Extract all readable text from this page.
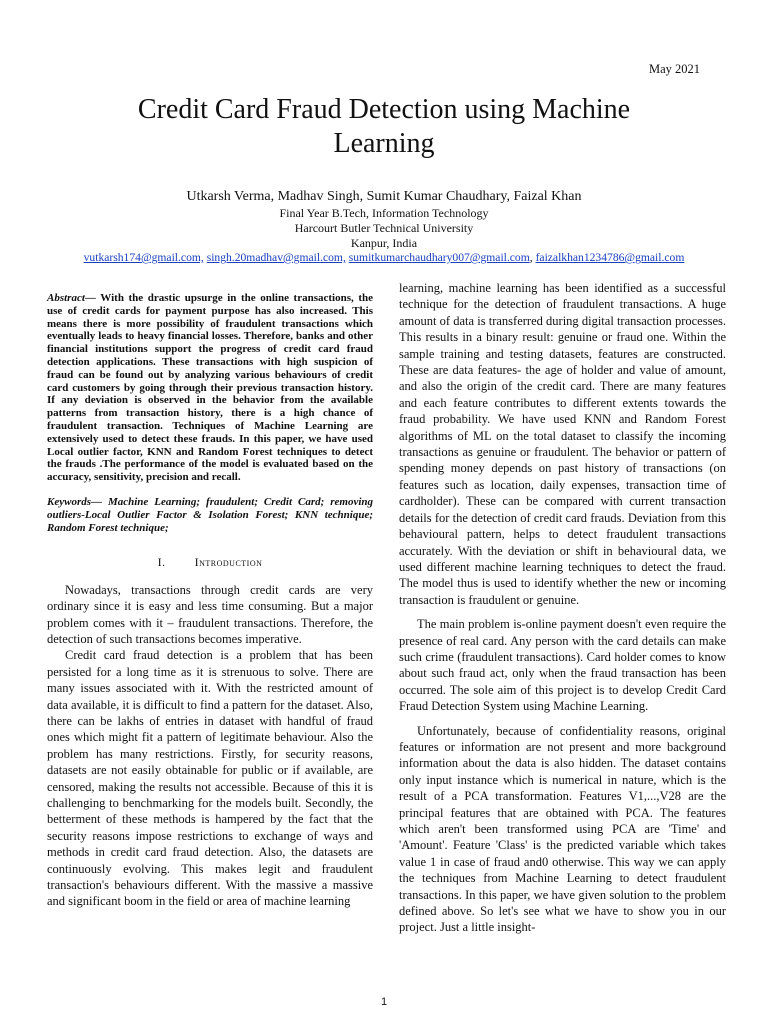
May 2021
Credit Card Fraud Detection using Machine Learning
Utkarsh Verma, Madhav Singh, Sumit Kumar Chaudhary, Faizal Khan
Final Year B.Tech, Information Technology
Harcourt Butler Technical University
Kanpur, India
vutkarsh174@gmail.com, singh.20madhav@gmail.com, sumitkumarchaudhary007@gmail.com, faizalkhan1234786@gmail.com

Abstract— With the drastic upsurge in the online transactions, the use of credit cards for payment purpose has also increased. This means there is more possibility of fraudulent transactions which eventually leads to heavy financial losses. Therefore, banks and other financial institutions support the progress of credit card fraud detection applications. These transactions with high suspicion of fraud can be found out by analyzing various behaviours of credit card customers by going through their previous transaction history. If any deviation is observed in the behavior from the available patterns from transaction history, there is a high chance of fraudulent transaction. Techniques of Machine Learning are extensively used to detect these frauds. In this paper, we have used Local outlier factor, KNN and Random Forest techniques to detect the frauds .The performance of the model is evaluated based on the accuracy, sensitivity, precision and recall.

Keywords— Machine Learning; fraudulent; Credit Card; removing outliers-Local Outlier Factor & Isolation Forest; KNN technique; Random Forest technique;

I. Introduction

Nowadays, transactions through credit cards are very ordinary since it is easy and less time consuming. But a major problem comes with it – fraudulent transactions. Therefore, the detection of such transactions becomes imperative.

Credit card fraud detection is a problem that has been persisted for a long time as it is strenuous to solve. There are many issues associated with it. With the restricted amount of data available, it is difficult to find a pattern for the dataset. Also, there can be lakhs of entries in dataset with handful of fraud ones which might fit a pattern of legitimate behaviour. Also the problem has many restrictions. Firstly, for security reasons, datasets are not easily obtainable for public or if available, are censored, making the results not accessible. Because of this it is challenging to benchmarking for the models built. Secondly, the betterment of these methods is hampered by the fact that the security reasons impose restrictions to exchange of ways and methods in credit card fraud detection. Also, the datasets are continuously evolving. This makes legit and fraudulent transaction's behaviours different. With the massive a massive and significant boom in the field or area of machine learning

learning, machine learning has been identified as a successful technique for the detection of fraudulent transactions. A huge amount of data is transferred during digital transaction processes. This results in a binary result: genuine or fraud one. Within the sample training and testing datasets, features are constructed. These are data features- the age of holder and value of amount, and also the origin of the credit card. There are many features and each feature contributes to different extents towards the fraud probability. We have used KNN and Random Forest algorithms of ML on the total dataset to classify the incoming transactions as genuine or fraudulent. The behavior or pattern of spending money depends on past history of transactions (on features such as location, daily expenses, transaction time of cardholder). These can be compared with current transaction details for the detection of credit card frauds. Deviation from this behavioural pattern, helps to detect fraudulent transactions accurately. With the deviation or shift in behavioural data, we used different machine learning techniques to detect the fraud. The model thus is used to identify whether the new or incoming transaction is fraudulent or genuine.

The main problem is-online payment doesn't even require the presence of real card. Any person with the card details can make such crime (fraudulent transactions). Card holder comes to know about such fraud act, only when the fraud transaction has been occurred. The sole aim of this project is to develop Credit Card Fraud Detection System using Machine Learning.

Unfortunately, because of confidentiality reasons, original features or information are not present and more background information about the data is also hidden. The dataset contains only input instance which is numerical in nature, which is the result of a PCA transformation. Features V1,...,V28 are the principal features that are obtained with PCA. The features which aren't been transformed using PCA are 'Time' and 'Amount'. Feature 'Class' is the predicted variable which takes value 1 in case of fraud and0 otherwise. This way we can apply the techniques from Machine Learning to detect fraudulent transactions. In this paper, we have given solution to the problem defined above. So let's see what we have to show you in our project. Just a little insight-

1
